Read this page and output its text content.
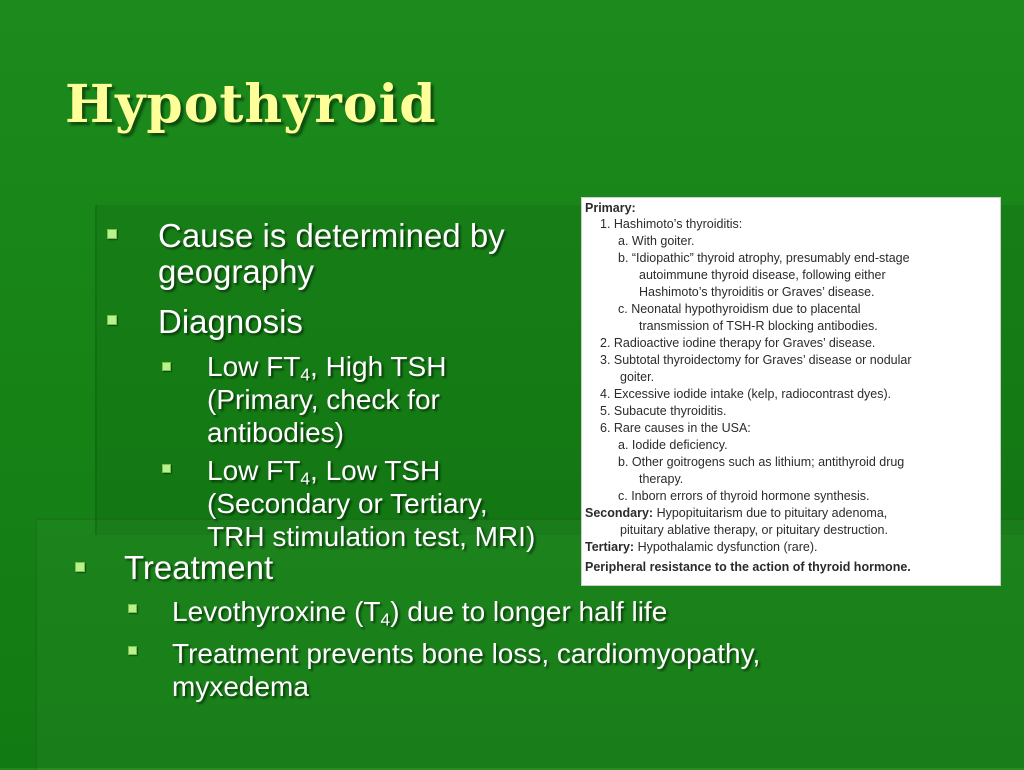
Hypothyroid

Cause is determined by

geography

Diagnosis

Low $FT_4$, High TSH

(Primary, check for

antibodies)

Low $FT_4$, Low TSH

(Secondary or Tertiary,

Primary:
1. Hashimoto’s thyroiditis:
a. With goiter.
b. “Idiopathic” thyroid atrophy, presumably end-stage
autoimmune thyroid disease, following either
Hashimoto’s thyroiditis or Graves’ disease.
c. Neonatal hypothyroidism due to placental
transmission of TSH-R blocking antibodies.
2. Radioactive iodine therapy for Graves’ disease.
3. Subtotal thyroidectomy for Graves’ disease or nodular
goiter.
4. Excessive iodide intake (kelp, radiocontrast dyes).
5. Subacute thyroiditis.
6. Rare causes in the USA:
a. Iodide deficiency.
b. Other goitrogens such as lithium; antithyroid drug
therapy.
c. Inborn errors of thyroid hormone synthesis.
Secondary: Hypopituitarism due to pituitary adenoma,
pituitary ablative therapy, or pituitary destruction.
Tertiary: Hypothalamic dysfunction (rare).
Peripheral resistance to the action of thyroid hormone.

TRH stimulation test, MRI)

Treatment

Levothyroxine $(T_4)$ due to longer half life

Treatment prevents bone loss, cardiomyopathy,

myxedema
